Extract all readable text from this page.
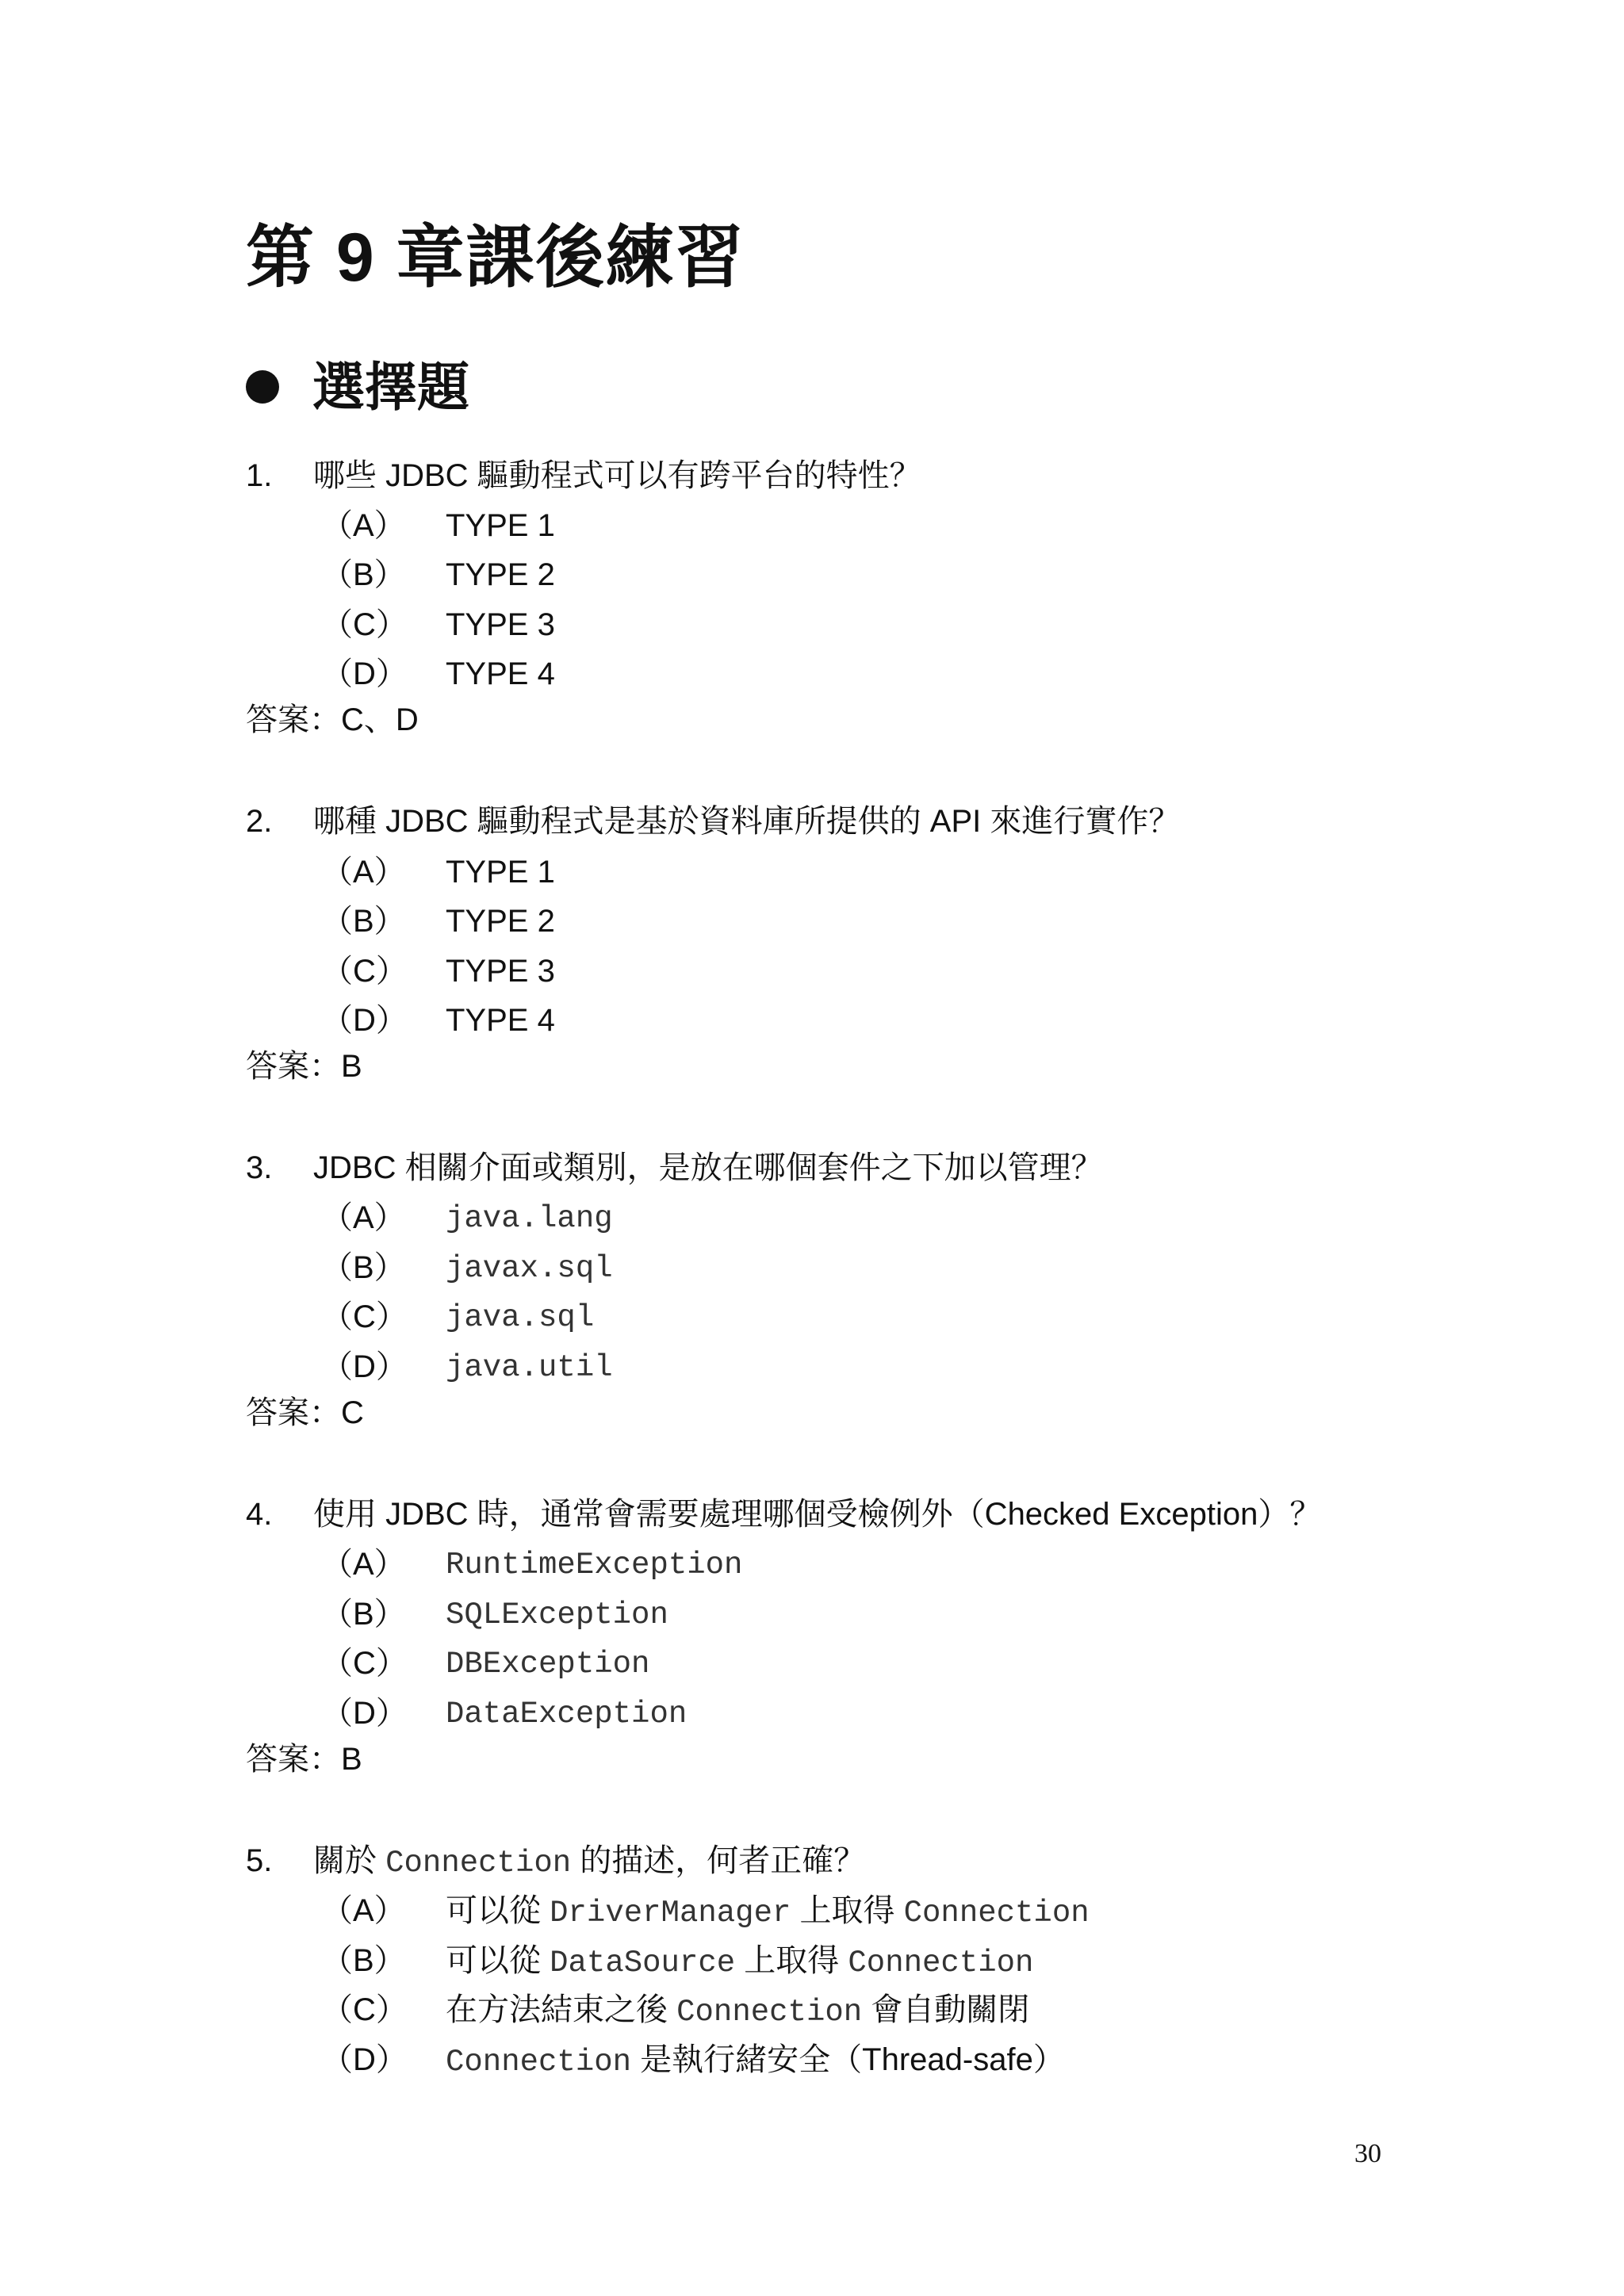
第 9 章課後練習
選擇題
1. 哪些 JDBC 驅動程式可以有跨平台的特性？
（A） TYPE 1
（B） TYPE 2
（C） TYPE 3
（D） TYPE 4
答案：C、D
2. 哪種 JDBC 驅動程式是基於資料庫所提供的 API 來進行實作？
（A） TYPE 1
（B） TYPE 2
（C） TYPE 3
（D） TYPE 4
答案：B
3. JDBC 相關介面或類別，是放在哪個套件之下加以管理？
（A） java.lang
（B） javax.sql
（C） java.sql
（D） java.util
答案：C
4. 使用 JDBC 時，通常會需要處理哪個受檢例外（Checked Exception）？
（A） RuntimeException
（B） SQLException
（C） DBException
（D） DataException
答案：B
5. 關於 Connection 的描述，何者正確？
（A） 可以從 DriverManager 上取得 Connection
（B） 可以從 DataSource 上取得 Connection
（C） 在方法結束之後 Connection 會自動關閉
（D） Connection 是執行緒安全（Thread-safe）
30
